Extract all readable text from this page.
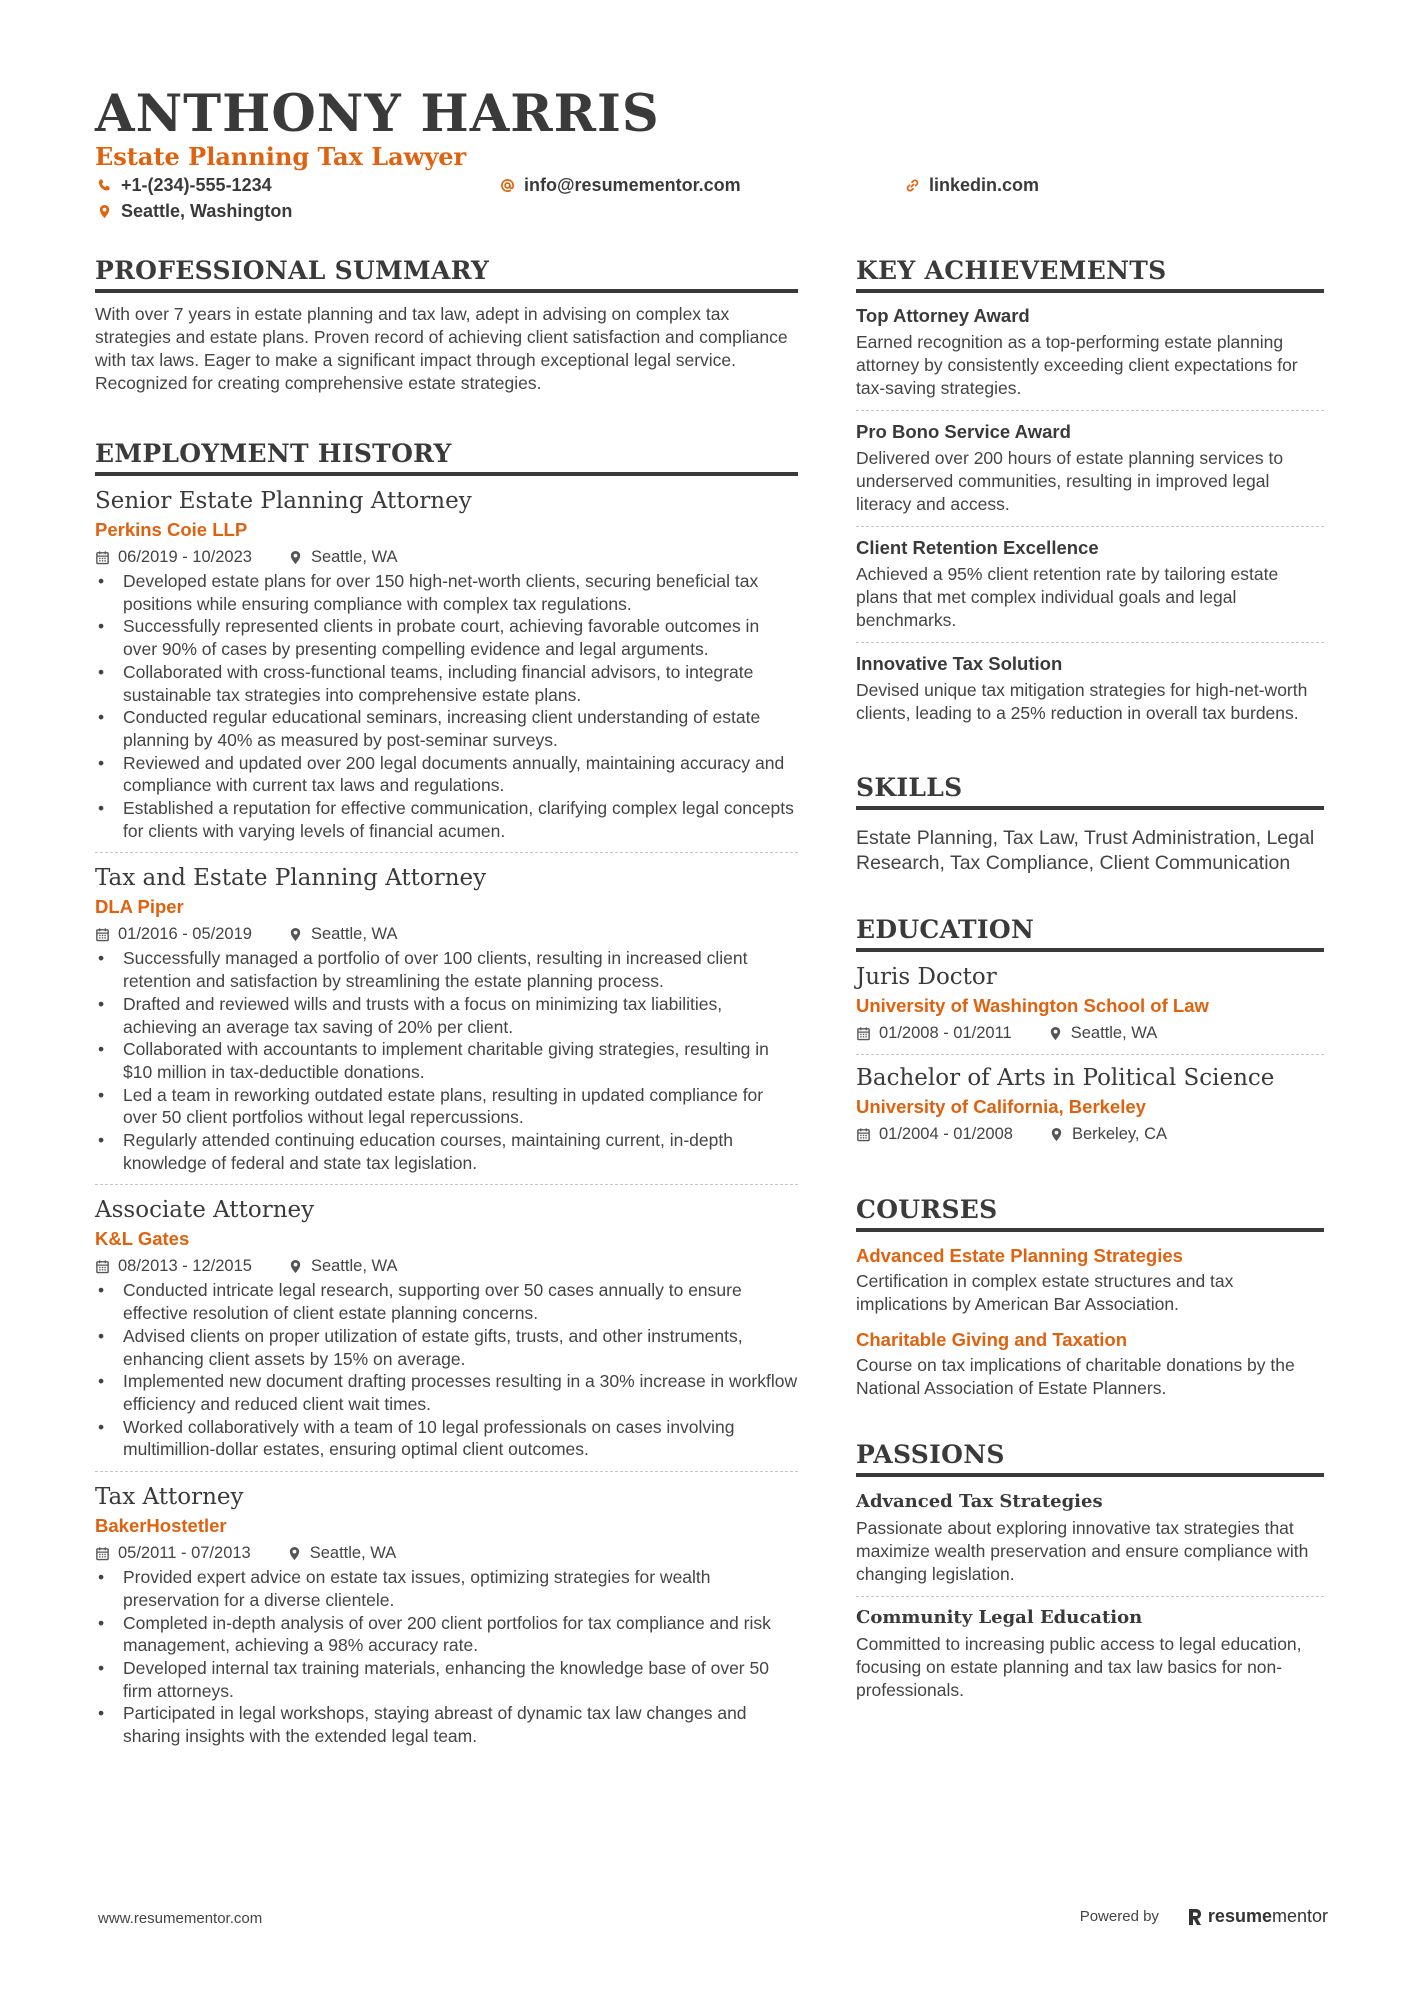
ANTHONY HARRIS
Estate Planning Tax Lawyer
+1-(234)-555-1234	info@resumementor.com	linkedin.com
Seattle, Washington
PROFESSIONAL SUMMARY
With over 7 years in estate planning and tax law, adept in advising on complex tax strategies and estate plans. Proven record of achieving client satisfaction and compliance with tax laws. Eager to make a significant impact through exceptional legal service. Recognized for creating comprehensive estate strategies.
EMPLOYMENT HISTORY
Senior Estate Planning Attorney
Perkins Coie LLP
06/2019 - 10/2023	Seattle, WA
• Developed estate plans for over 150 high-net-worth clients, securing beneficial tax positions while ensuring compliance with complex tax regulations.
• Successfully represented clients in probate court, achieving favorable outcomes in over 90% of cases by presenting compelling evidence and legal arguments.
• Collaborated with cross-functional teams, including financial advisors, to integrate sustainable tax strategies into comprehensive estate plans.
• Conducted regular educational seminars, increasing client understanding of estate planning by 40% as measured by post-seminar surveys.
• Reviewed and updated over 200 legal documents annually, maintaining accuracy and compliance with current tax laws and regulations.
• Established a reputation for effective communication, clarifying complex legal concepts for clients with varying levels of financial acumen.
Tax and Estate Planning Attorney
DLA Piper
01/2016 - 05/2019	Seattle, WA
• Successfully managed a portfolio of over 100 clients, resulting in increased client retention and satisfaction by streamlining the estate planning process.
• Drafted and reviewed wills and trusts with a focus on minimizing tax liabilities, achieving an average tax saving of 20% per client.
• Collaborated with accountants to implement charitable giving strategies, resulting in $10 million in tax-deductible donations.
• Led a team in reworking outdated estate plans, resulting in updated compliance for over 50 client portfolios without legal repercussions.
• Regularly attended continuing education courses, maintaining current, in-depth knowledge of federal and state tax legislation.
Associate Attorney
K&L Gates
08/2013 - 12/2015	Seattle, WA
• Conducted intricate legal research, supporting over 50 cases annually to ensure effective resolution of client estate planning concerns.
• Advised clients on proper utilization of estate gifts, trusts, and other instruments, enhancing client assets by 15% on average.
• Implemented new document drafting processes resulting in a 30% increase in workflow efficiency and reduced client wait times.
• Worked collaboratively with a team of 10 legal professionals on cases involving multimillion-dollar estates, ensuring optimal client outcomes.
Tax Attorney
BakerHostetler
05/2011 - 07/2013	Seattle, WA
• Provided expert advice on estate tax issues, optimizing strategies for wealth preservation for a diverse clientele.
• Completed in-depth analysis of over 200 client portfolios for tax compliance and risk management, achieving a 98% accuracy rate.
• Developed internal tax training materials, enhancing the knowledge base of over 50 firm attorneys.
• Participated in legal workshops, staying abreast of dynamic tax law changes and sharing insights with the extended legal team.
KEY ACHIEVEMENTS
Top Attorney Award
Earned recognition as a top-performing estate planning attorney by consistently exceeding client expectations for tax-saving strategies.
Pro Bono Service Award
Delivered over 200 hours of estate planning services to underserved communities, resulting in improved legal literacy and access.
Client Retention Excellence
Achieved a 95% client retention rate by tailoring estate plans that met complex individual goals and legal benchmarks.
Innovative Tax Solution
Devised unique tax mitigation strategies for high-net-worth clients, leading to a 25% reduction in overall tax burdens.
SKILLS
Estate Planning, Tax Law, Trust Administration, Legal Research, Tax Compliance, Client Communication
EDUCATION
Juris Doctor
University of Washington School of Law
01/2008 - 01/2011	Seattle, WA
Bachelor of Arts in Political Science
University of California, Berkeley
01/2004 - 01/2008	Berkeley, CA
COURSES
Advanced Estate Planning Strategies
Certification in complex estate structures and tax implications by American Bar Association.
Charitable Giving and Taxation
Course on tax implications of charitable donations by the National Association of Estate Planners.
PASSIONS
Advanced Tax Strategies
Passionate about exploring innovative tax strategies that maximize wealth preservation and ensure compliance with changing legislation.
Community Legal Education
Committed to increasing public access to legal education, focusing on estate planning and tax law basics for non-professionals.
www.resumementor.com	Powered by	resumementor
